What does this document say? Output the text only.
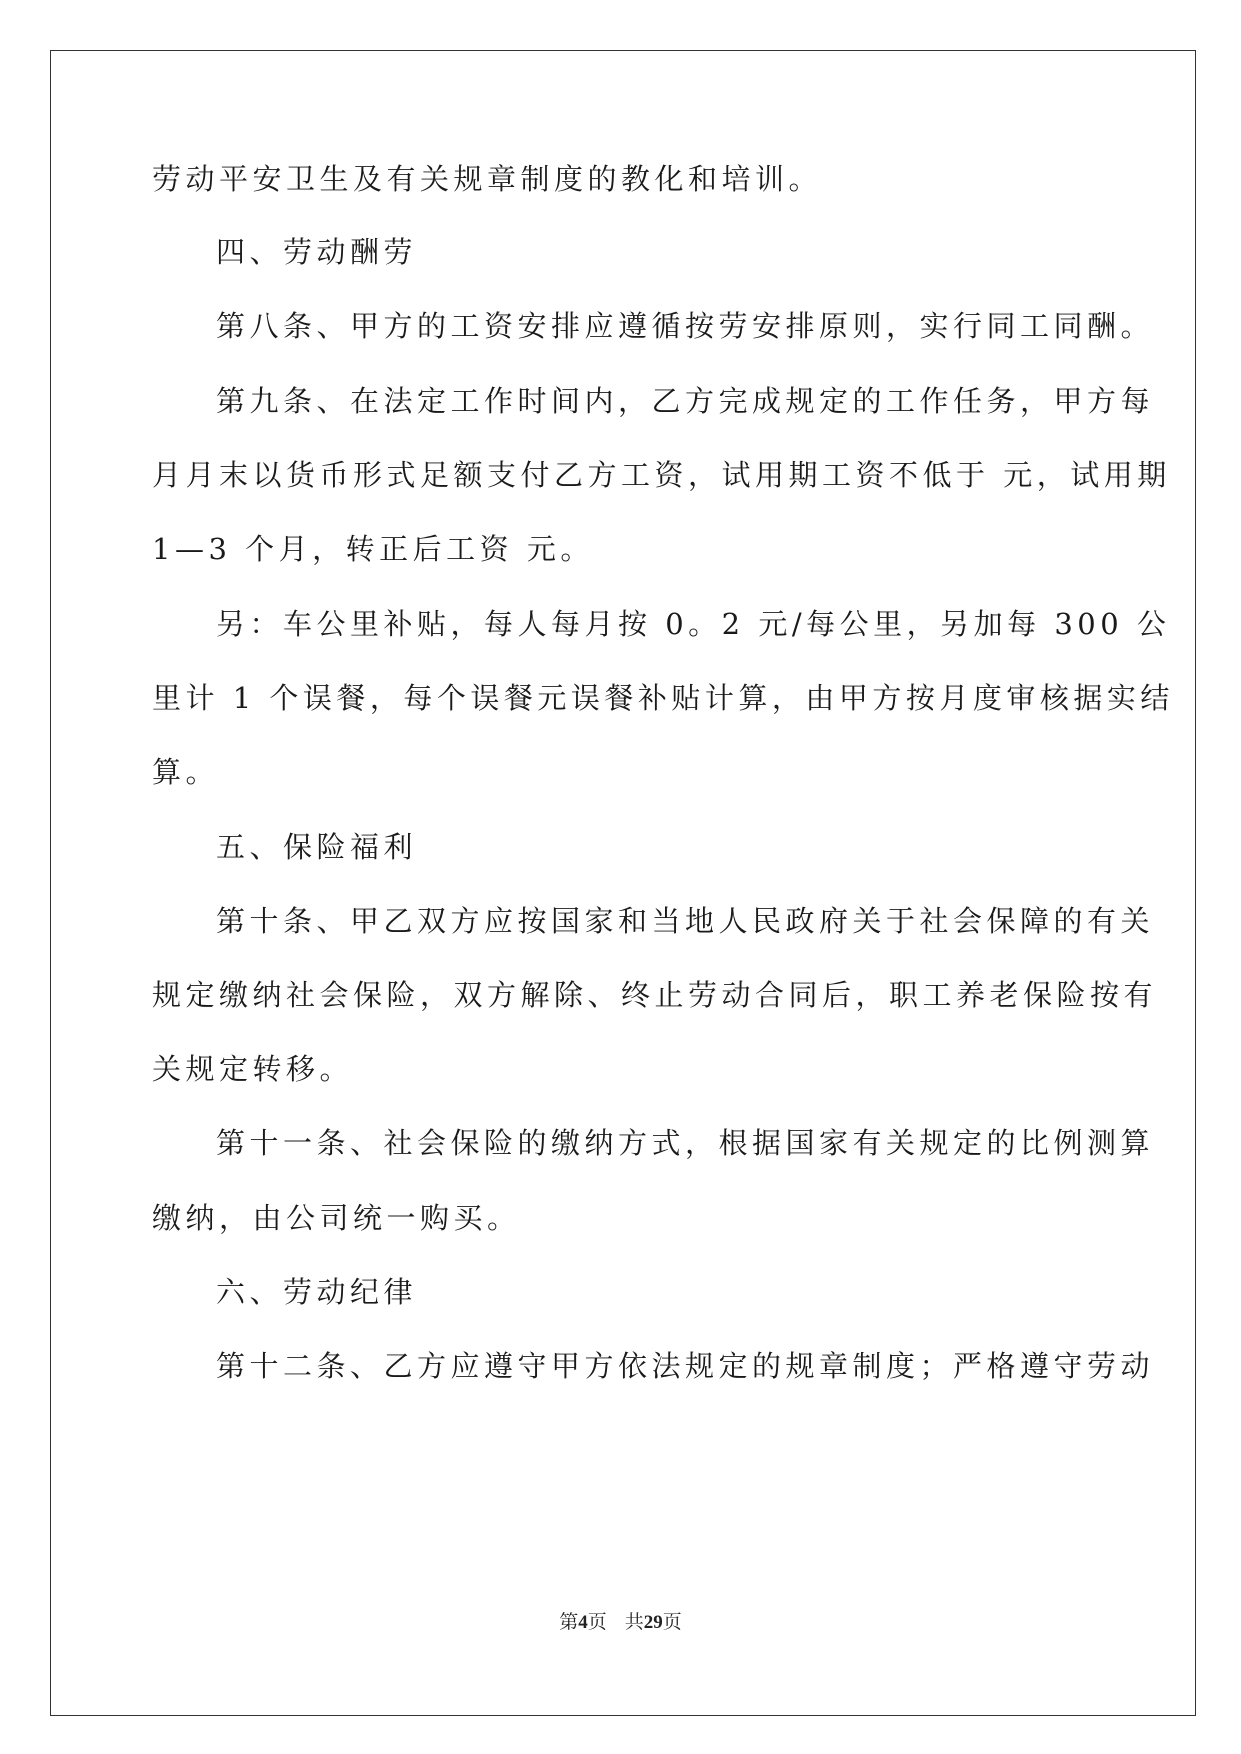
劳动平安卫生及有关规章制度的教化和培训。
四、劳动酬劳
第八条、甲方的工资安排应遵循按劳安排原则，实行同工同酬。
第九条、在法定工作时间内，乙方完成规定的工作任务，甲方每
月月末以货币形式足额支付乙方工资，试用期工资不低于 元，试用期
1—3 个月，转正后工资 元。
另：车公里补贴，每人每月按 0。2 元/每公里，另加每 300 公
里计 1 个误餐，每个误餐元误餐补贴计算，由甲方按月度审核据实结
算。
五、保险福利
第十条、甲乙双方应按国家和当地人民政府关于社会保障的有关
规定缴纳社会保险，双方解除、终止劳动合同后，职工养老保险按有
关规定转移。
第十一条、社会保险的缴纳方式，根据国家有关规定的比例测算
缴纳，由公司统一购买。
六、劳动纪律
第十二条、乙方应遵守甲方依法规定的规章制度；严格遵守劳动
第4页 共29页
